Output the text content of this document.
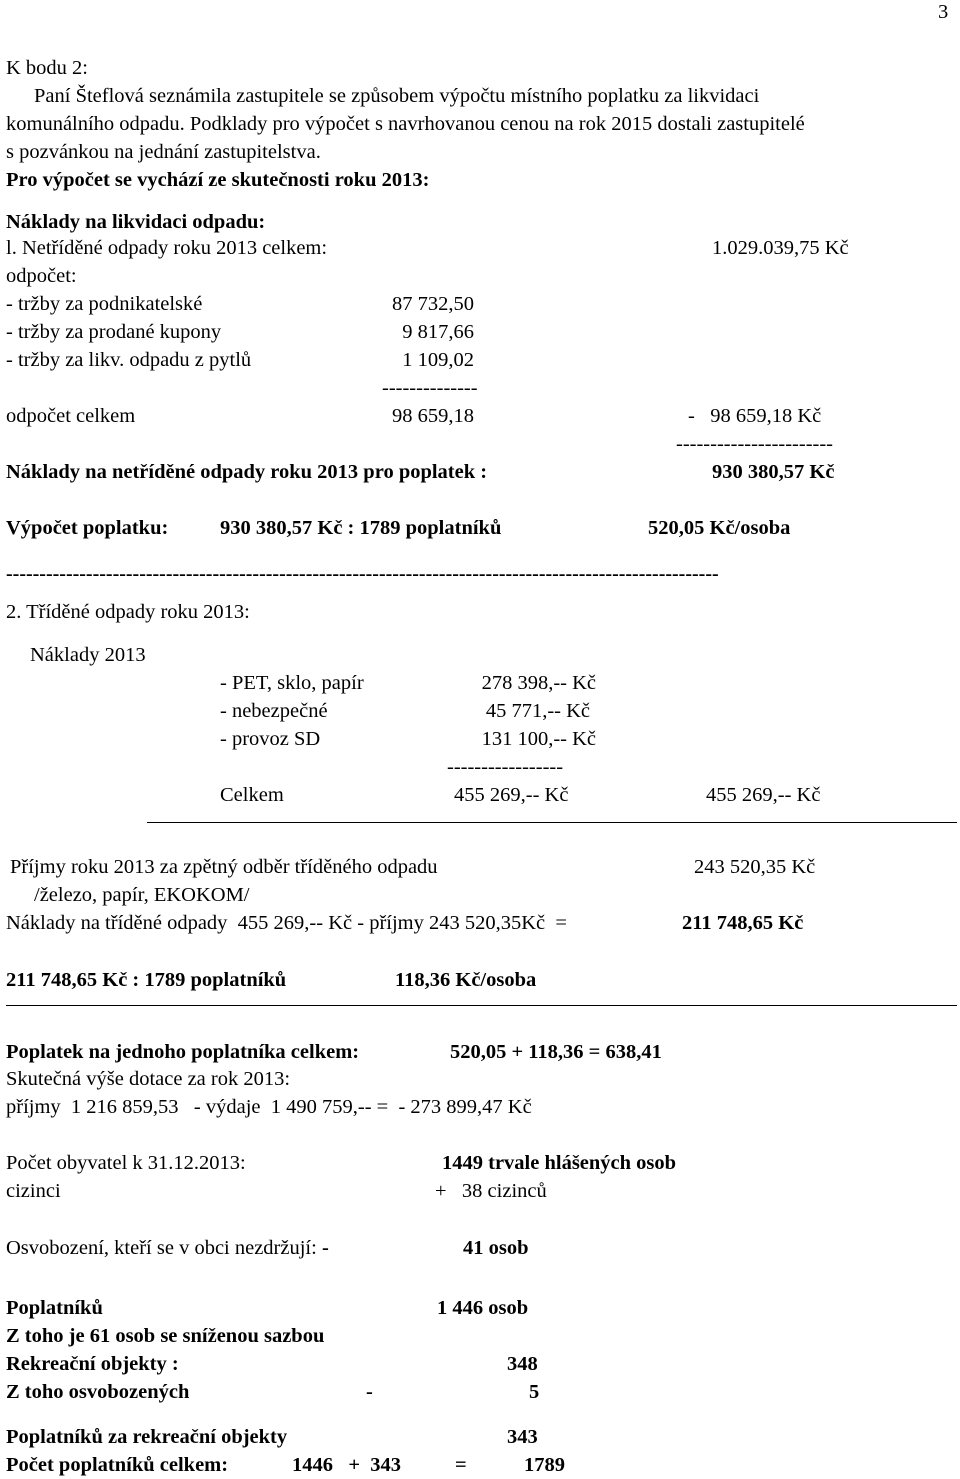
3
K bodu 2:
Paní Šteflová seznámila zastupitele se způsobem výpočtu místního poplatku za likvidaci
komunálního odpadu. Podklady pro výpočet s navrhovanou cenou na rok 2015 dostali zastupitelé
s pozvánkou na jednání zastupitelstva.
Pro výpočet se vychází ze skutečnosti roku 2013:
Náklady na likvidaci odpadu:
l. Netříděné odpady roku 2013 celkem:	1.029.039,75 Kč
odpočet:
- tržby za podnikatelské	87 732,50
- tržby za prodané kupony	9 817,66
- tržby za likv. odpadu z pytlů	1 109,02
--------------
odpočet celkem	98 659,18	-   98 659,18 Kč
-----------------------
Náklady na netříděné odpady roku 2013 pro poplatek :	930 380,57 Kč
Výpočet poplatku:	930 380,57 Kč : 1789 poplatníků	520,05 Kč/osoba
-----------------------------------------------------------------------------------------------------------
2. Tříděné odpady roku 2013:
Náklady 2013
- PET, sklo, papír	278 398,-- Kč
- nebezpečné	45 771,-- Kč
- provoz SD	131 100,-- Kč
-----------------
Celkem	455 269,-- Kč	455 269,-- Kč
Příjmy roku 2013 za zpětný odběr tříděného odpadu	243 520,35 Kč
/železo, papír, EKOKOM/
Náklady na tříděné odpady  455 269,-- Kč - příjmy 243 520,35Kč  =	211 748,65 Kč
211 748,65 Kč : 1789 poplatníků	118,36 Kč/osoba
Poplatek na jednoho poplatníka celkem:	520,05 + 118,36 = 638,41
Skutečná výše dotace za rok 2013:
příjmy  1 216 859,53   - výdaje  1 490 759,-- =  - 273 899,47 Kč
Počet obyvatel k 31.12.2013:	1449 trvale hlášených osob
cizinci	+   38 cizinců
Osvobození, kteří se v obci nezdržují: -	41 osob
Poplatníků	1 446 osob
Z toho je 61 osob se sníženou sazbou
Rekreační objekty :	348
Z toho osvobozených	-	5
Poplatníků za rekreační objekty	343
Počet poplatníků celkem:	1446   +  343	=	1789
